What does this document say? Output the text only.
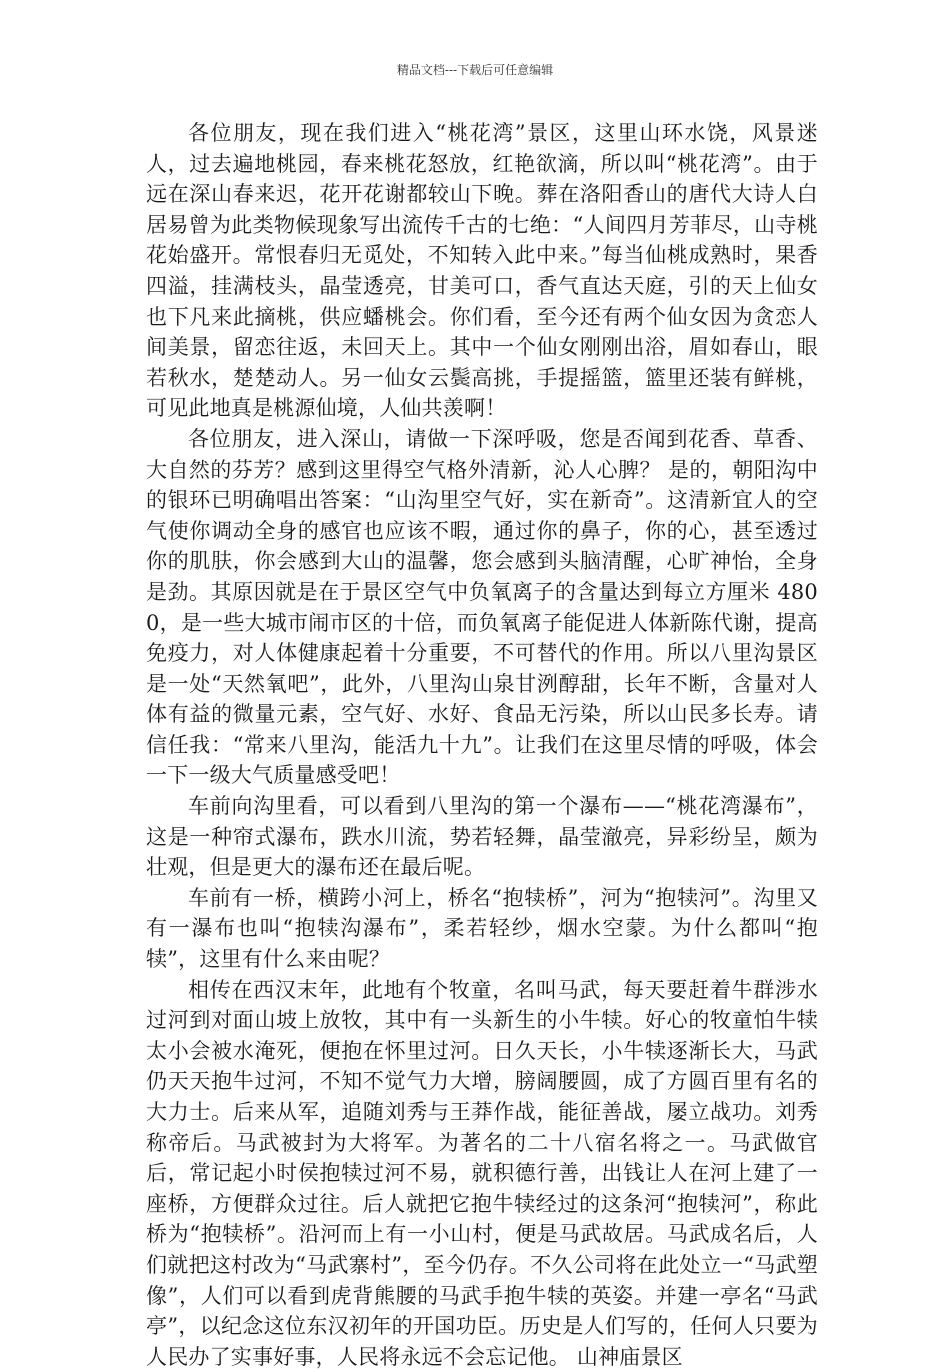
精品文档---下载后可任意编辑

各位朋友，现在我们进入“桃花湾”景区，这里山环水饶，风景迷人，过去遍地桃园，春来桃花怒放，红艳欲滴，所以叫“桃花湾”。由于远在深山春来迟，花开花谢都较山下晚。葬在洛阳香山的唐代大诗人白居易曾为此类物候现象写出流传千古的七绝：“人间四月芳菲尽，山寺桃花始盛开。常恨春归无觅处，不知转入此中来。”每当仙桃成熟时，果香四溢，挂满枝头，晶莹透亮，甘美可口，香气直达天庭，引的天上仙女也下凡来此摘桃，供应蟠桃会。你们看，至今还有两个仙女因为贪恋人间美景，留恋往返，未回天上。其中一个仙女刚刚出浴，眉如春山，眼若秋水，楚楚动人。另一仙女云鬓高挑，手提摇篮，篮里还装有鲜桃，可见此地真是桃源仙境，人仙共羡啊！

各位朋友，进入深山，请做一下深呼吸，您是否闻到花香、草香、大自然的芬芳？感到这里得空气格外清新，沁人心脾？ 是的，朝阳沟中的银环已明确唱出答案：“山沟里空气好，实在新奇”。这清新宜人的空气使你调动全身的感官也应该不暇，通过你的鼻子，你的心，甚至透过你的肌肤，你会感到大山的温馨，您会感到头脑清醒，心旷神怡，全身是劲。其原因就是在于景区空气中负氧离子的含量达到每立方厘米 4800，是一些大城市闹市区的十倍，而负氧离子能促进人体新陈代谢，提高免疫力，对人体健康起着十分重要，不可替代的作用。所以八里沟景区是一处“天然氧吧”，此外，八里沟山泉甘洌醇甜，长年不断，含量对人体有益的微量元素，空气好、水好、食品无污染，所以山民多长寿。请信任我：“常来八里沟，能活九十九”。让我们在这里尽情的呼吸，体会一下一级大气质量感受吧！

车前向沟里看，可以看到八里沟的第一个瀑布——“桃花湾瀑布”，这是一种帘式瀑布，跌水川流，势若轻舞，晶莹澈亮，异彩纷呈，颇为壮观，但是更大的瀑布还在最后呢。

车前有一桥，横跨小河上，桥名“抱犊桥”，河为“抱犊河”。沟里又有一瀑布也叫“抱犊沟瀑布”，柔若轻纱，烟水空蒙。为什么都叫“抱犊”，这里有什么来由呢？

相传在西汉末年，此地有个牧童，名叫马武，每天要赶着牛群涉水过河到对面山坡上放牧，其中有一头新生的小牛犊。好心的牧童怕牛犊太小会被水淹死，便抱在怀里过河。日久天长，小牛犊逐渐长大，马武仍天天抱牛过河，不知不觉气力大增，膀阔腰圆，成了方圆百里有名的大力士。后来从军，追随刘秀与王莽作战，能征善战，屡立战功。刘秀称帝后。马武被封为大将军。为著名的二十八宿名将之一。马武做官后，常记起小时侯抱犊过河不易，就积德行善，出钱让人在河上建了一座桥，方便群众过往。后人就把它抱牛犊经过的这条河“抱犊河”，称此桥为“抱犊桥”。沿河而上有一小山村，便是马武故居。马武成名后，人们就把这村改为“马武寨村”，至今仍存。不久公司将在此处立一“马武塑像”，人们可以看到虎背熊腰的马武手抱牛犊的英姿。并建一亭名“马武亭”，以纪念这位东汉初年的开国功臣。历史是人们写的，任何人只要为人民办了实事好事，人民将永远不会忘记他。 山神庙景区
